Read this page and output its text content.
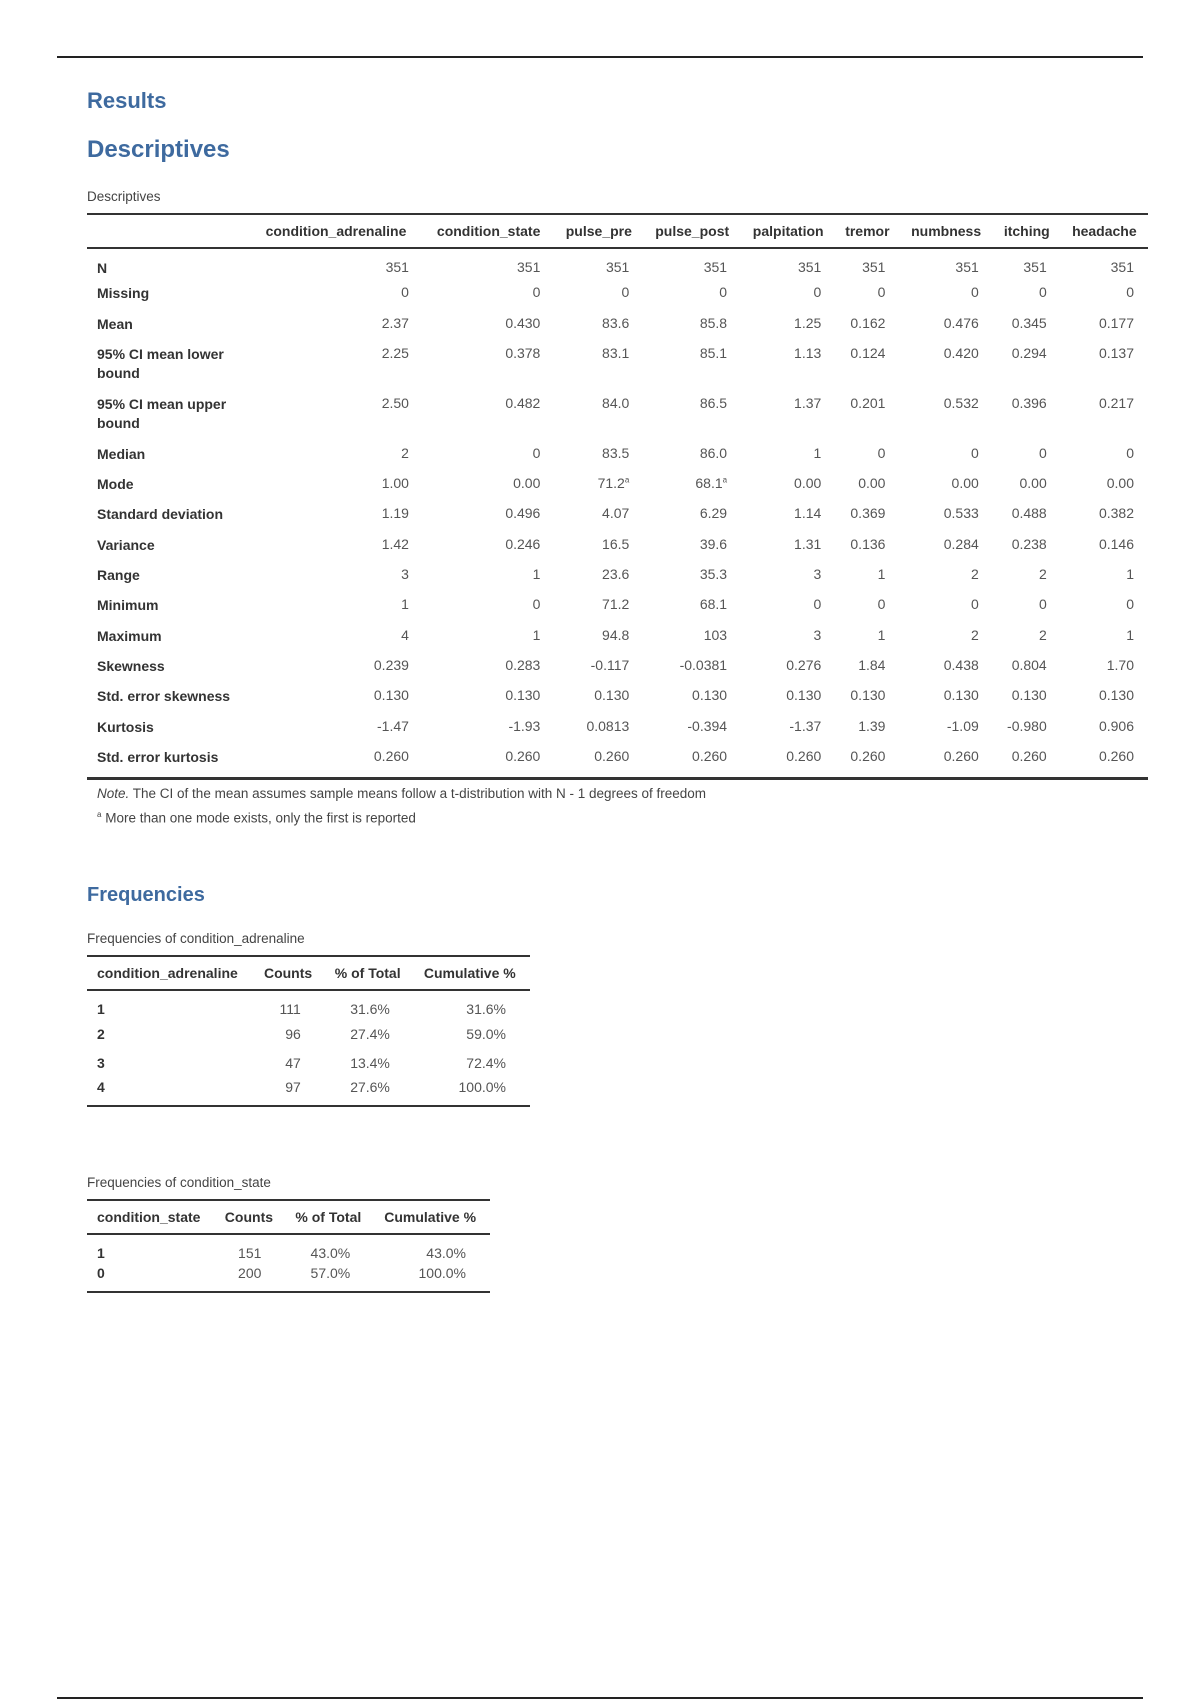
Results
Descriptives

Descriptives

	condition_adrenaline	condition_state	pulse_pre	pulse_post	palpitation	tremor	numbness	itching	headache
N	351	351	351	351	351	351	351	351	351
Missing	0	0	0	0	0	0	0	0	0
Mean	2.37	0.430	83.6	85.8	1.25	0.162	0.476	0.345	0.177
95% CI mean lower bound	2.25	0.378	83.1	85.1	1.13	0.124	0.420	0.294	0.137
95% CI mean upper bound	2.50	0.482	84.0	86.5	1.37	0.201	0.532	0.396	0.217
Median	2	0	83.5	86.0	1	0	0	0	0
Mode	1.00	0.00	71.2$^a$	68.1$^a$	0.00	0.00	0.00	0.00	0.00
Standard deviation	1.19	0.496	4.07	6.29	1.14	0.369	0.533	0.488	0.382
Variance	1.42	0.246	16.5	39.6	1.31	0.136	0.284	0.238	0.146
Range	3	1	23.6	35.3	3	1	2	2	1
Minimum	1	0	71.2	68.1	0	0	0	0	0
Maximum	4	1	94.8	103	3	1	2	2	1
Skewness	0.239	0.283	-0.117	-0.0381	0.276	1.84	0.438	0.804	1.70
Std. error skewness	0.130	0.130	0.130	0.130	0.130	0.130	0.130	0.130	0.130
Kurtosis	-1.47	-1.93	0.0813	-0.394	-1.37	1.39	-1.09	-0.980	0.906
Std. error kurtosis	0.260	0.260	0.260	0.260	0.260	0.260	0.260	0.260	0.260

Note. The CI of the mean assumes sample means follow a t-distribution with N - 1 degrees of freedom

$^a$ More than one mode exists, only the first is reported

Frequencies

Frequencies of condition_adrenaline

condition_adrenaline	Counts	% of Total	Cumulative %
1	111	31.6%	31.6%
2	96	27.4%	59.0%
3	47	13.4%	72.4%
4	97	27.6%	100.0%

Frequencies of condition_state

condition_state	Counts	% of Total	Cumulative %
1	151	43.0%	43.0%
0	200	57.0%	100.0%
